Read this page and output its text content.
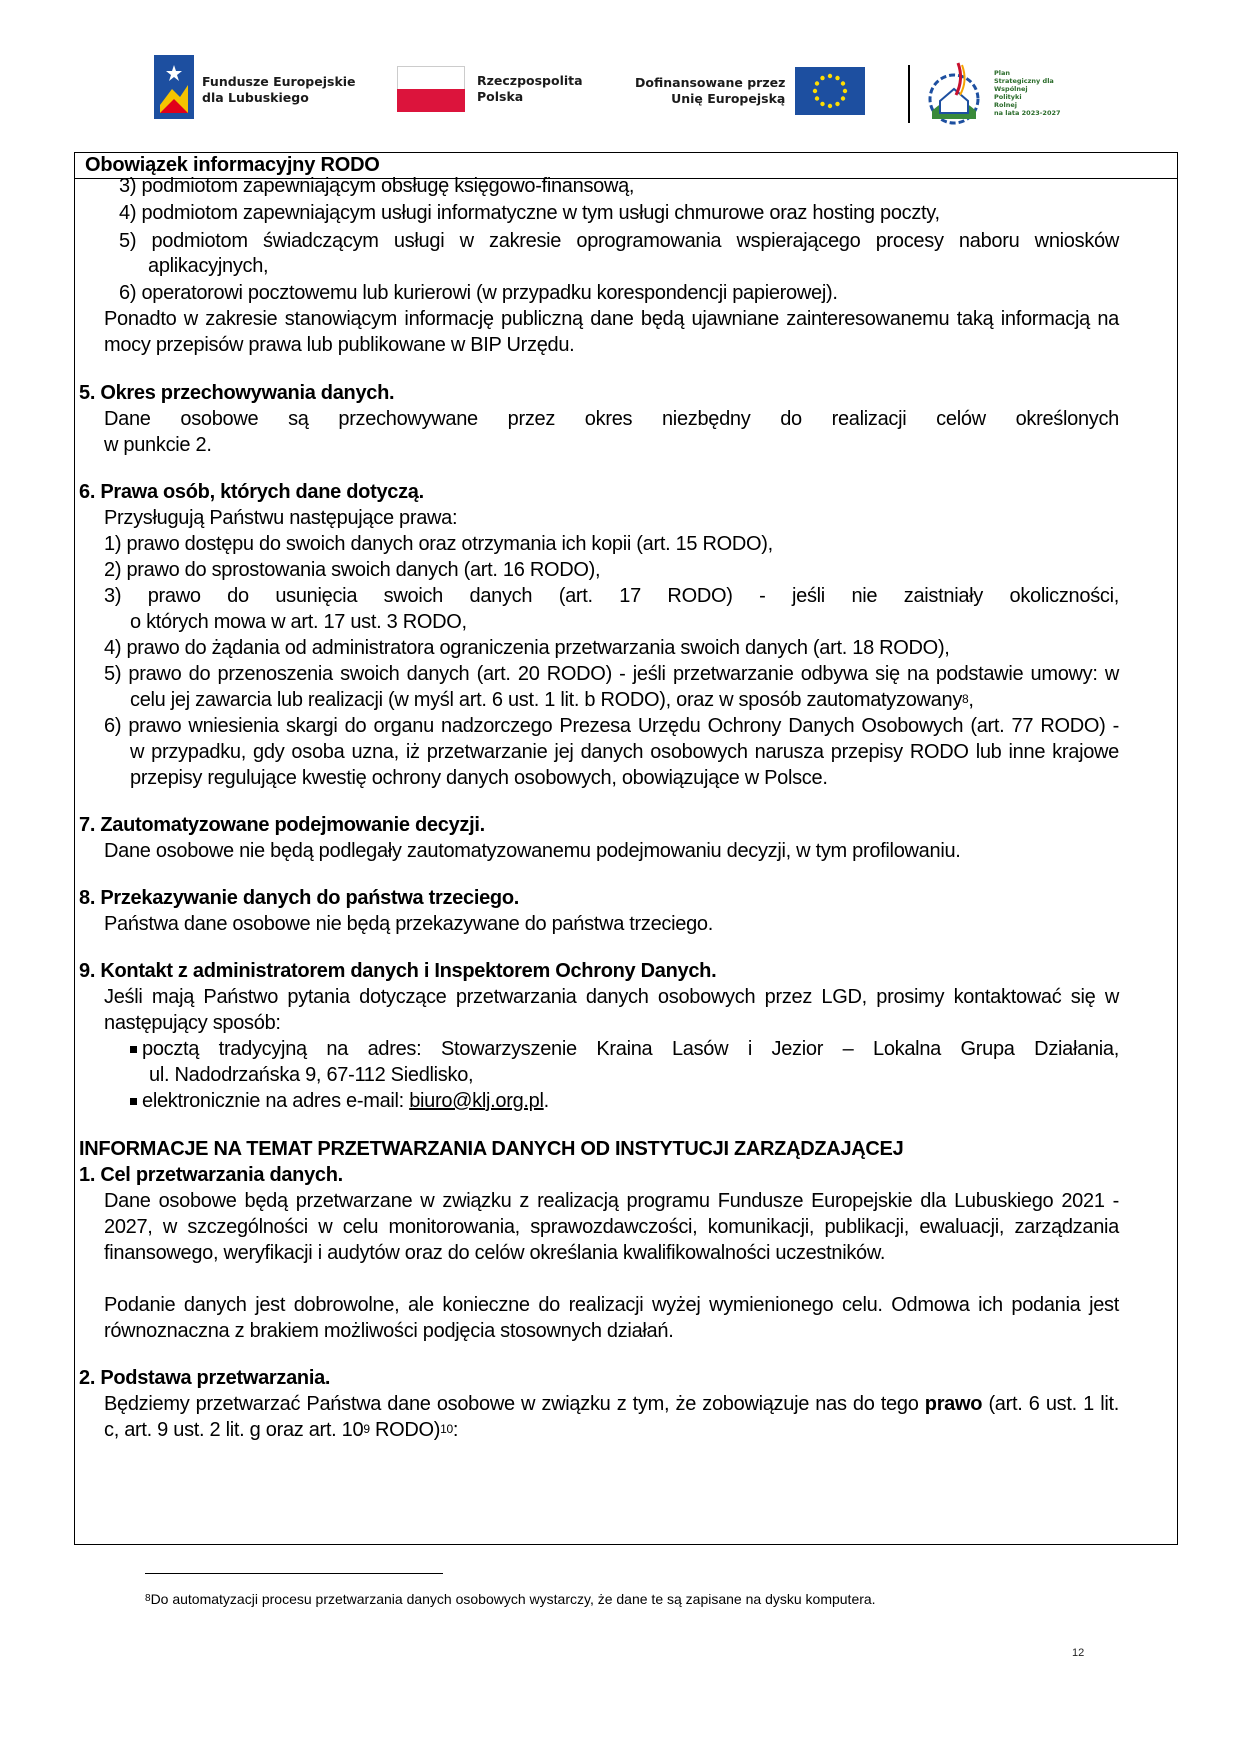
Fundusze Europejskie
dla Lubuskiego
Rzeczpospolita
Polska
Dofinansowane przez
Unię Europejską
Plan
Strategiczny dla
Wspólnej
Polityki
Rolnej
na lata 2023-2027
Obowiązek informacyjny RODO
3) podmiotom zapewniającym obsługę księgowo-finansową,
4) podmiotom zapewniającym usługi informatyczne w tym usługi chmurowe oraz hosting poczty,
5) podmiotom świadczącym usługi w zakresie oprogramowania wspierającego procesy naboru wniosków
aplikacyjnych,
6) operatorowi pocztowemu lub kurierowi (w przypadku korespondencji papierowej).
Ponadto w zakresie stanowiącym informację publiczną dane będą ujawniane zainteresowanemu taką informacją na
mocy przepisów prawa lub publikowane w BIP Urzędu.
5. Okres przechowywania danych.
Dane osobowe są przechowywane przez okres niezbędny do realizacji celów określonych
w punkcie 2.
6. Prawa osób, których dane dotyczą.
Przysługują Państwu następujące prawa:
1) prawo dostępu do swoich danych oraz otrzymania ich kopii (art. 15 RODO),
2) prawo do sprostowania swoich danych (art. 16 RODO),
3) prawo do usunięcia swoich danych (art. 17 RODO) - jeśli nie zaistniały okoliczności,
o których mowa w art. 17 ust. 3 RODO,
4) prawo do żądania od administratora ograniczenia przetwarzania swoich danych (art. 18 RODO),
5) prawo do przenoszenia swoich danych (art. 20 RODO) - jeśli przetwarzanie odbywa się na podstawie umowy: w
celu jej zawarcia lub realizacji (w myśl art. 6 ust. 1 lit. b RODO), oraz w sposób zautomatyzowany$^8$,
6) prawo wniesienia skargi do organu nadzorczego Prezesa Urzędu Ochrony Danych Osobowych (art. 77 RODO) -
w przypadku, gdy osoba uzna, iż przetwarzanie jej danych osobowych narusza przepisy RODO lub inne krajowe
przepisy regulujące kwestię ochrony danych osobowych, obowiązujące w Polsce.
7. Zautomatyzowane podejmowanie decyzji.
Dane osobowe nie będą podlegały zautomatyzowanemu podejmowaniu decyzji, w tym profilowaniu.
8. Przekazywanie danych do państwa trzeciego.
Państwa dane osobowe nie będą przekazywane do państwa trzeciego.
9. Kontakt z administratorem danych i Inspektorem Ochrony Danych.
Jeśli mają Państwo pytania dotyczące przetwarzania danych osobowych przez LGD, prosimy kontaktować się w
następujący sposób:
pocztą tradycyjną na adres: Stowarzyszenie Kraina Lasów i Jezior – Lokalna Grupa Działania,
ul. Nadodrzańska 9, 67-112 Siedlisko,
elektronicznie na adres e-mail: biuro@klj.org.pl.
INFORMACJE NA TEMAT PRZETWARZANIA DANYCH OD INSTYTUCJI ZARZĄDZAJĄCEJ
1. Cel przetwarzania danych.
Dane osobowe będą przetwarzane w związku z realizacją programu Fundusze Europejskie dla Lubuskiego 2021 -
2027, w szczególności w celu monitorowania, sprawozdawczości, komunikacji, publikacji, ewaluacji, zarządzania
finansowego, weryfikacji i audytów oraz do celów określania kwalifikowalności uczestników.
Podanie danych jest dobrowolne, ale konieczne do realizacji wyżej wymienionego celu. Odmowa ich podania jest
równoznaczna z brakiem możliwości podjęcia stosownych działań.
2. Podstawa przetwarzania.
Będziemy przetwarzać Państwa dane osobowe w związku z tym, że zobowiązuje nas do tego prawo (art. 6 ust. 1 lit.
c, art. 9 ust. 2 lit. g oraz art. $10^9$ RODO)$^{10}$:
$^8$Do automatyzacji procesu przetwarzania danych osobowych wystarczy, że dane te są zapisane na dysku komputera.
12
